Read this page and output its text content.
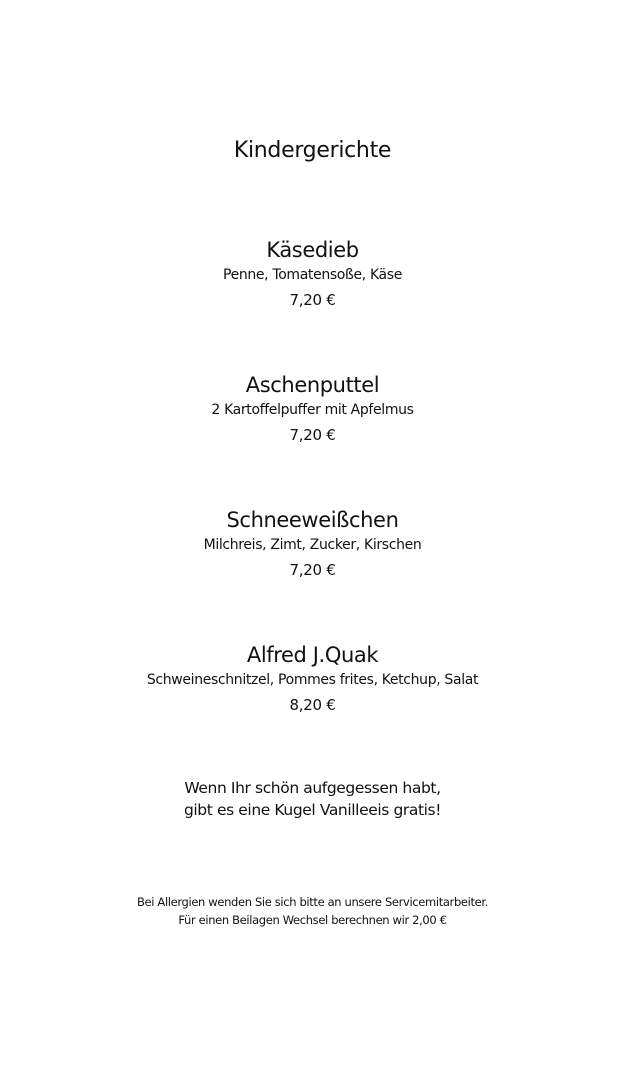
Kindergerichte
Käsedieb
Penne, Tomatensoße, Käse
7,20 €
Aschenputtel
2 Kartoffelpuffer mit Apfelmus
7,20 €
Schneeweißchen
Milchreis, Zimt, Zucker, Kirschen
7,20 €
Alfred J.Quak
Schweineschnitzel, Pommes frites, Ketchup, Salat
8,20 €
Wenn Ihr schön aufgegessen habt,
gibt es eine Kugel Vanilleeis gratis!
Bei Allergien wenden Sie sich bitte an unsere Servicemitarbeiter.
Für einen Beilagen Wechsel berechnen wir 2,00 €
